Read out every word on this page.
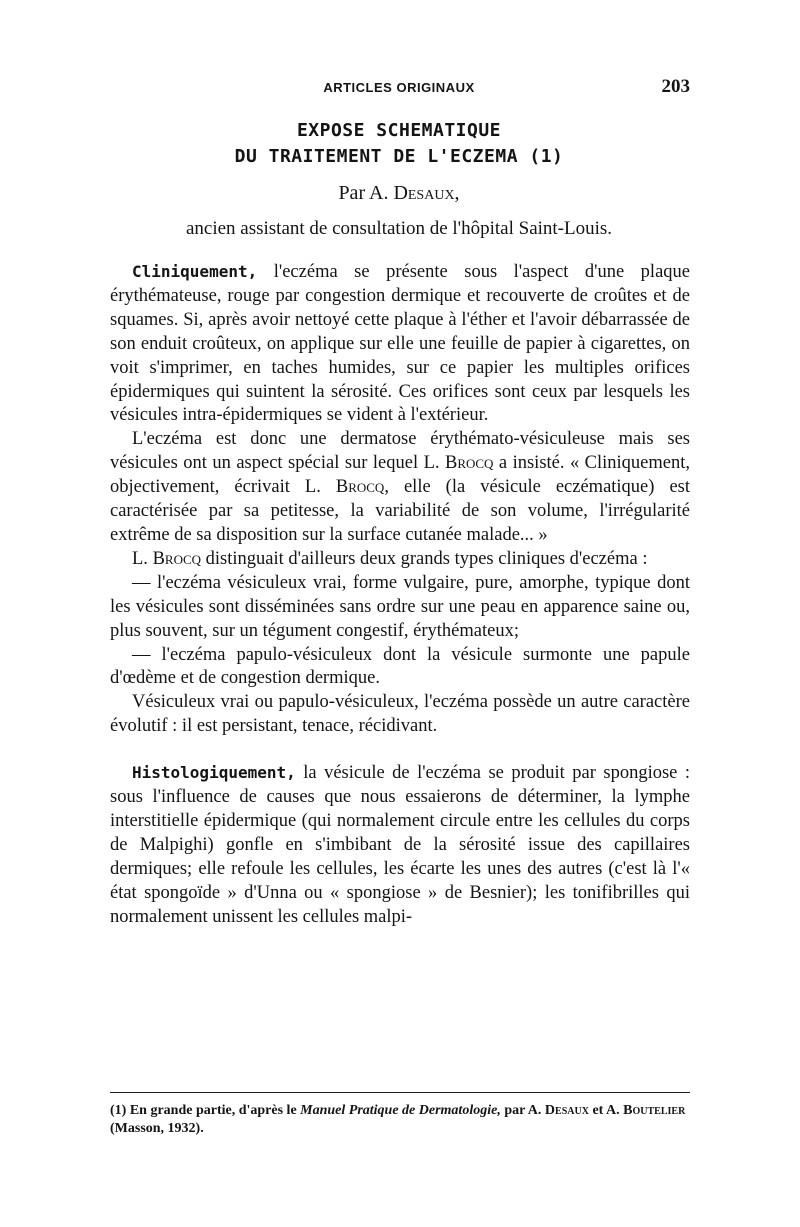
ARTICLES ORIGINAUX	203
EXPOSE SCHEMATIQUE
DU TRAITEMENT DE L'ECZEMA (1)
Par A. Desaux,
ancien assistant de consultation de l'hôpital Saint-Louis.

Cliniquement, l'eczéma se présente sous l'aspect d'une plaque érythémateuse, rouge par congestion dermique et recouverte de croûtes et de squames. Si, après avoir nettoyé cette plaque à l'éther et l'avoir débarrassée de son enduit croûteux, on applique sur elle une feuille de papier à cigarettes, on voit s'imprimer, en taches humides, sur ce papier les multiples orifices épidermiques qui suintent la sérosité. Ces orifices sont ceux par lesquels les vésicules intra-épidermiques se vident à l'extérieur.

L'eczéma est donc une dermatose érythémato-vésiculeuse mais ses vésicules ont un aspect spécial sur lequel L. Brocq a insisté. « Cliniquement, objectivement, écrivait L. Brocq, elle (la vésicule eczématique) est caractérisée par sa petitesse, la variabilité de son volume, l'irrégularité extrême de sa disposition sur la surface cutanée malade... »

L. Brocq distinguait d'ailleurs deux grands types cliniques d'eczéma :

— l'eczéma vésiculeux vrai, forme vulgaire, pure, amorphe, typique dont les vésicules sont disséminées sans ordre sur une peau en apparence saine ou, plus souvent, sur un tégument congestif, érythémateux;

— l'eczéma papulo-vésiculeux dont la vésicule surmonte une papule d'œdème et de congestion dermique.

Vésiculeux vrai ou papulo-vésiculeux, l'eczéma possède un autre caractère évolutif : il est persistant, tenace, récidivant.

Histologiquement, la vésicule de l'eczéma se produit par spongiose : sous l'influence de causes que nous essaierons de déterminer, la lymphe interstitielle épidermique (qui normalement circule entre les cellules du corps de Malpighi) gonfle en s'imbibant de la sérosité issue des capillaires dermiques; elle refoule les cellules, les écarte les unes des autres (c'est là l'« état spongoïde » d'Unna ou « spongiose » de Besnier); les tonifibrilles qui normalement unissent les cellules malpi-

(1) En grande partie, d'après le Manuel Pratique de Dermatologie, par A. Desaux et A. Boutelier (Masson, 1932).
